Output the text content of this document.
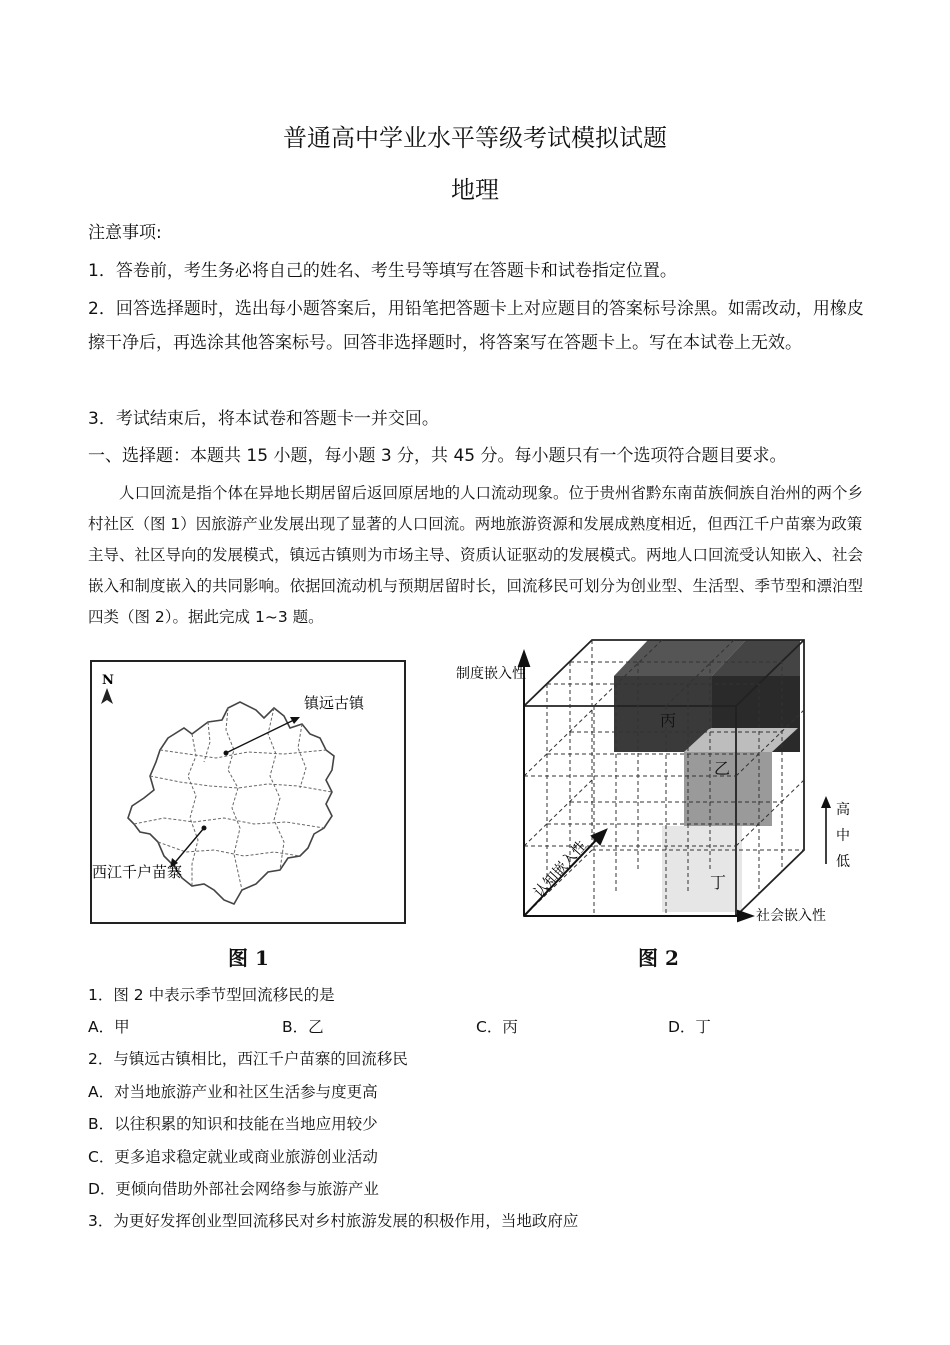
普通高中学业水平等级考试模拟试题
地理
注意事项:
1．答卷前，考生务必将自己的姓名、考生号等填写在答题卡和试卷指定位置。
2．回答选择题时，选出每小题答案后，用铅笔把答题卡上对应题目的答案标号涂黑。如需改动，用橡皮擦干净后，再选涂其他答案标号。回答非选择题时，将答案写在答题卡上。写在本试卷上无效。
3．考试结束后，将本试卷和答题卡一并交回。
一、选择题：本题共 15 小题，每小题 3 分，共 45 分。每小题只有一个选项符合题目要求。
人口回流是指个体在异地长期居留后返回原居地的人口流动现象。位于贵州省黔东南苗族侗族自治州的两个乡村社区（图 1）因旅游产业发展出现了显著的人口回流。两地旅游资源和发展成熟度相近，但西江千户苗寨为政策主导、社区导向的发展模式，镇远古镇则为市场主导、资质认证驱动的发展模式。两地人口回流受认知嵌入、社会嵌入和制度嵌入的共同影响。依据回流动机与预期居留时长，回流移民可划分为创业型、生活型、季节型和漂泊型四类（图 2）。据此完成 1~3 题。
N
镇远古镇
西江千户苗寨
图 1
制度嵌入性
社会嵌入性
认知嵌入性
丙
乙
丁
高
中
低
图 2
1．图 2 中表示季节型回流移民的是
A．甲	B．乙	C．丙	D．丁
2．与镇远古镇相比，西江千户苗寨的回流移民
A．对当地旅游产业和社区生活参与度更高
B．以往积累的知识和技能在当地应用较少
C．更多追求稳定就业或商业旅游创业活动
D．更倾向借助外部社会网络参与旅游产业
3．为更好发挥创业型回流移民对乡村旅游发展的积极作用，当地政府应
